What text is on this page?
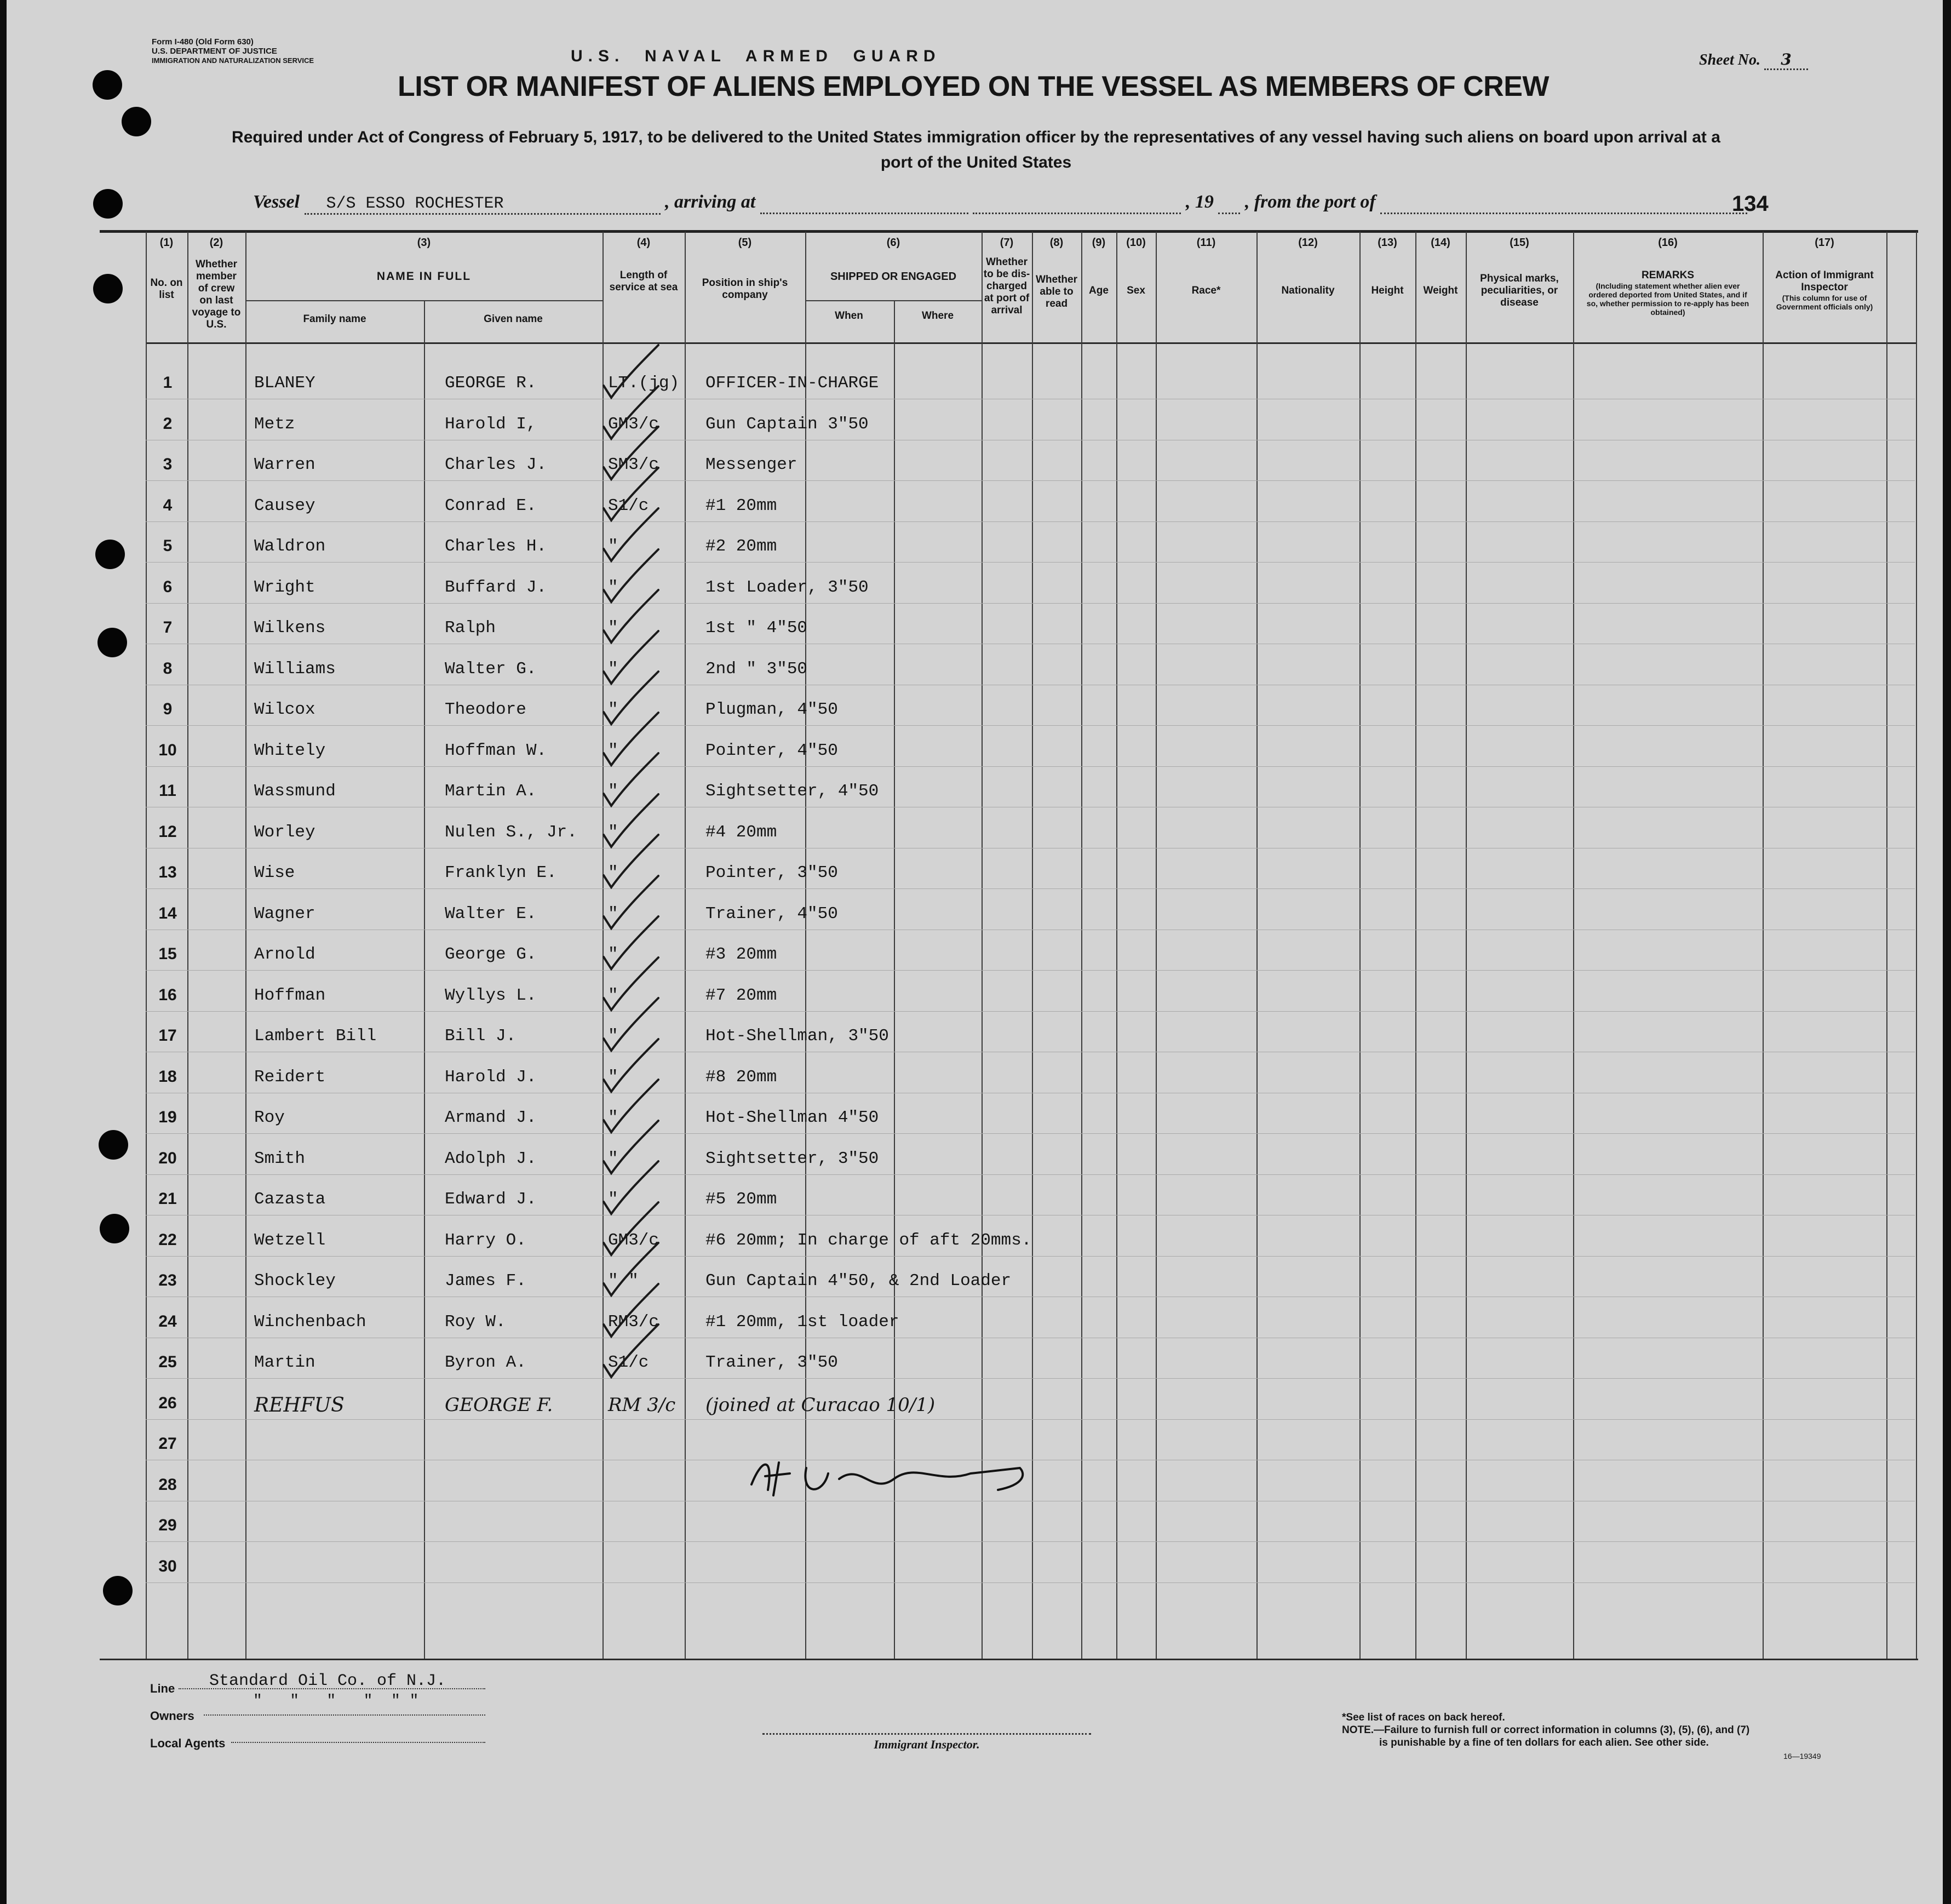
Form I-480 (Old Form 630)
U.S. DEPARTMENT OF JUSTICE
IMMIGRATION AND NATURALIZATION SERVICE	U.S.  NAVAL  ARMED  GUARD	Sheet No. 3
LIST OR MANIFEST OF ALIENS EMPLOYED ON THE VESSEL AS MEMBERS OF CREW
Required under Act of Congress of February 5, 1917, to be delivered to the United States immigration officer by the representatives of any vessel having such aliens on board upon arrival at a
port of the United States
Vessel S/S ESSO ROCHESTER	, arriving at	, 19 , from the port of	134
(1)	(2)	(3)	(4)	(5)	(6)	(7)	(8)	(9)	(10)	(11)	(12)	(13)	(14)	(15)	(16)	(17)
No. on list
Whether member of crew on last voyage to U.S.
NAME IN FULL
Family name	Given name
Length of service at sea	Position in ship's company
SHIPPED OR ENGAGED
When	Where
Whether to be dis-charged at port of arrival
Whether able to read
Age	Sex	Race*	Nationality	Height	Weight
Physical marks, peculiarities, or disease
REMARKS
(Including statement whether alien ever ordered deported from United States, and if so, whether permission to re-apply has been obtained)
Action of Immigrant Inspector
(This column for use of Government officials only)
1	BLANEY	GEORGE R.	LT.(jg) OFFICER-IN-CHARGE
2	Metz	Harold I,	GM3/c	Gun Captain 3"50
3	Warren	Charles J.	SM3/c	Messenger
4	Causey	Conrad E.	S1/c	#1 20mm
5	Waldron	Charles H.	"	#2 20mm
6	Wright	Buffard J.	"	1st Loader, 3"50
7	Wilkens	Ralph	"	1st " 4"50
8	Williams	Walter G.	"	2nd " 3"50
9	Wilcox	Theodore	"	Plugman, 4"50
10	Whitely	Hoffman W.	"	Pointer, 4"50
11	Wassmund	Martin A.	"	Sightsetter, 4"50
12	Worley	Nulen S., Jr. "	#4 20mm
13	Wise	Franklyn E.	"	Pointer, 3"50
14	Wagner	Walter E.	"	Trainer, 4"50
15	Arnold	George G.	"	#3 20mm
16	Hoffman	Wyllys L.	"	#7 20mm
17	Lambert Bill	Bill J.	"	Hot-Shellman, 3"50
18	Reidert	Harold J.	"	#8 20mm
19	Roy	Armand J.	"	Hot-Shellman 4"50
20	Smith	Adolph J.	"	Sightsetter, 3"50
21	Cazasta	Edward J.	"	#5 20mm
22	Wetzell	Harry O.	GM3/c	#6 20mm; In charge of aft 20mms.
23	Shockley	James F.	" "	Gun Captain 4"50, & 2nd Loader
24	Winchenbach	Roy W.	RM3/c	#1 20mm, 1st loader
25	Martin	Byron A.	S1/c	Trainer, 3"50
26	REHFUS	GEORGE F.	RM 3/c (joined at Curacao 10/1)
27
28
29
30
Line Standard Oil Co. of N.J.
"   "   "   "  " "
Owners
Local Agents	Immigrant Inspector.
*See list of races on back hereof.
NOTE.—Failure to furnish full or correct information in columns (3), (5), (6), and (7)
is punishable by a fine of ten dollars for each alien. See other side.
16—19349
